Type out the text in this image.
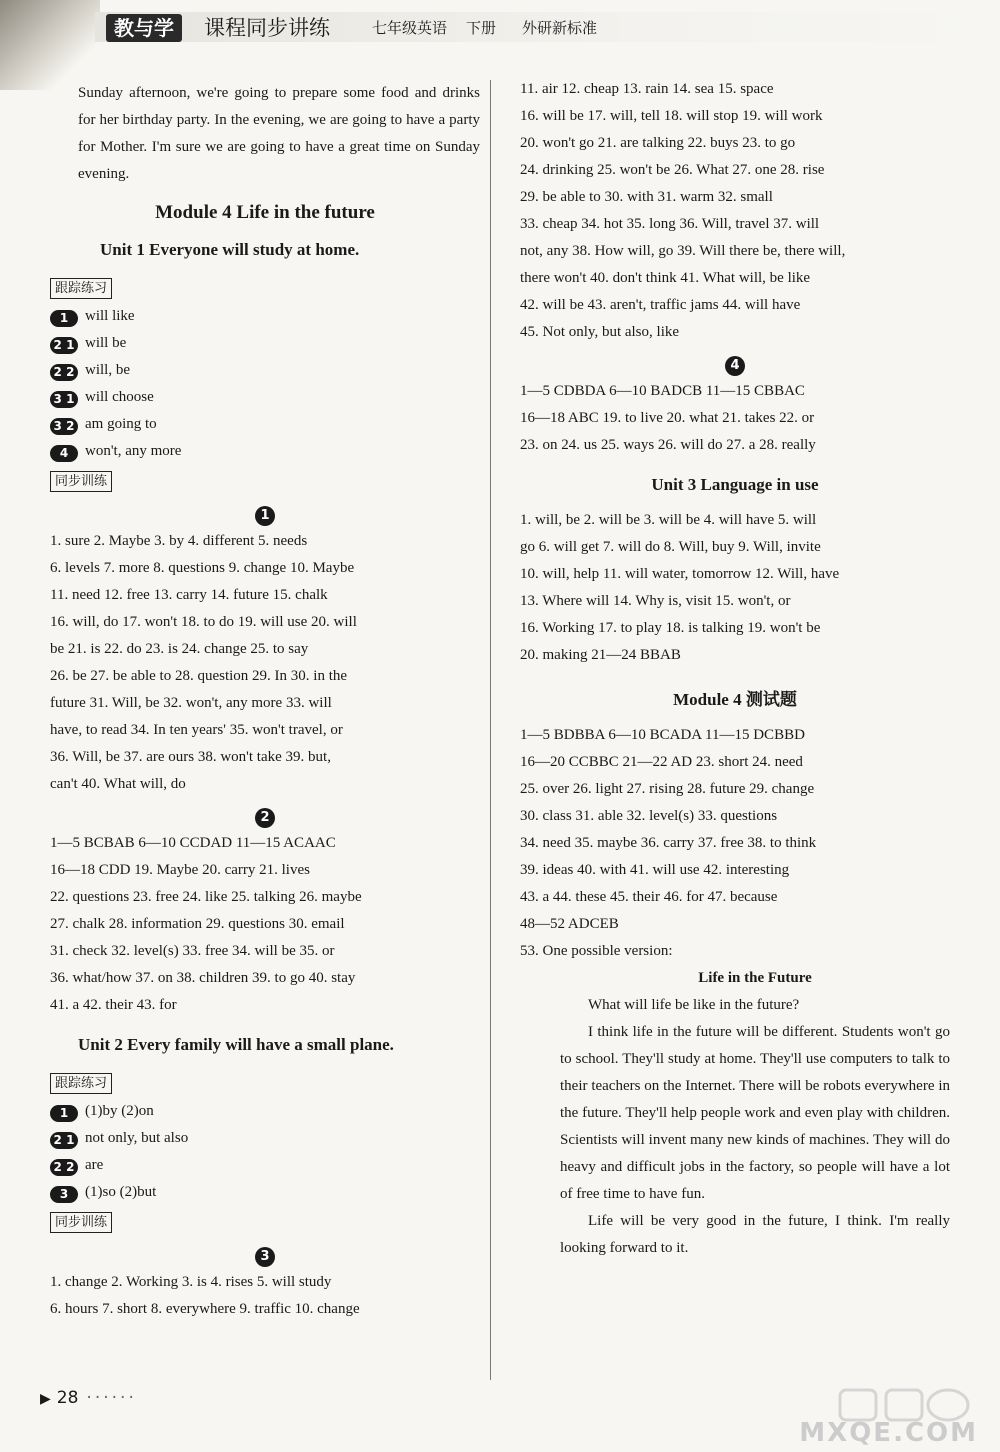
教与学	课程同步讲练	七年级英语 下册 外研新标准

Sunday afternoon, we're going to prepare some food and drinks for her birthday party. In the evening, we are going to have a party for Mother. I'm sure we are going to have a great time on Sunday evening.

Module 4 Life in the future
Unit 1 Everyone will study at home.
跟踪练习
1 will like
2 1 will be
2 2 will, be
3 1 will choose
3 2 am going to
4 won't, any more
同步训练
1
1. sure 2. Maybe 3. by 4. different 5. needs
6. levels 7. more 8. questions 9. change 10. Maybe
11. need 12. free 13. carry 14. future 15. chalk
16. will, do 17. won't 18. to do 19. will use 20. will
be 21. is 22. do 23. is 24. change 25. to say
26. be 27. be able to 28. question 29. In 30. in the
future 31. Will, be 32. won't, any more 33. will
have, to read 34. In ten years' 35. won't travel, or
36. Will, be 37. are ours 38. won't take 39. but,
can't 40. What will, do
2
1—5 BCBAB 6—10 CCDAD 11—15 ACAAC
16—18 CDD 19. Maybe 20. carry 21. lives
22. questions 23. free 24. like 25. talking 26. maybe
27. chalk 28. information 29. questions 30. email
31. check 32. level(s) 33. free 34. will be 35. or
36. what/how 37. on 38. children 39. to go 40. stay
41. a 42. their 43. for
Unit 2 Every family will have a small plane.
跟踪练习
1 (1)by (2)on
2 1 not only, but also
2 2 are
3 (1)so (2)but
同步训练
3
1. change 2. Working 3. is 4. rises 5. will study
6. hours 7. short 8. everywhere 9. traffic 10. change
11. air 12. cheap 13. rain 14. sea 15. space
16. will be 17. will, tell 18. will stop 19. will work
20. won't go 21. are talking 22. buys 23. to go
24. drinking 25. won't be 26. What 27. one 28. rise
29. be able to 30. with 31. warm 32. small
33. cheap 34. hot 35. long 36. Will, travel 37. will
not, any 38. How will, go 39. Will there be, there will,
there won't 40. don't think 41. What will, be like
42. will be 43. aren't, traffic jams 44. will have
45. Not only, but also, like
4
1—5 CDBDA 6—10 BADCB 11—15 CBBAC
16—18 ABC 19. to live 20. what 21. takes 22. or
23. on 24. us 25. ways 26. will do 27. a 28. really
Unit 3 Language in use
1. will, be 2. will be 3. will be 4. will have 5. will
go 6. will get 7. will do 8. Will, buy 9. Will, invite
10. will, help 11. will water, tomorrow 12. Will, have
13. Where will 14. Why is, visit 15. won't, or
16. Working 17. to play 18. is talking 19. won't be
20. making 21—24 BBAB
Module 4 测试题
1—5 BDBBA 6—10 BCADA 11—15 DCBBD
16—20 CCBBC 21—22 AD 23. short 24. need
25. over 26. light 27. rising 28. future 29. change
30. class 31. able 32. level(s) 33. questions
34. need 35. maybe 36. carry 37. free 38. to think
39. ideas 40. with 41. will use 42. interesting
43. a 44. these 45. their 46. for 47. because
48—52 ADCEB
53. One possible version:
Life in the Future

What will life be like in the future?

I think life in the future will be different. Students won't go to school. They'll study at home. They'll use computers to talk to their teachers on the Internet. There will be robots everywhere in the future. They'll help people work and even play with children. Scientists will invent many new kinds of machines. They will do heavy and difficult jobs in the factory, so people will have a lot of free time to have fun.

Life will be very good in the future, I think. I'm really looking forward to it.

▶ 28 ······
MXQE.COM
